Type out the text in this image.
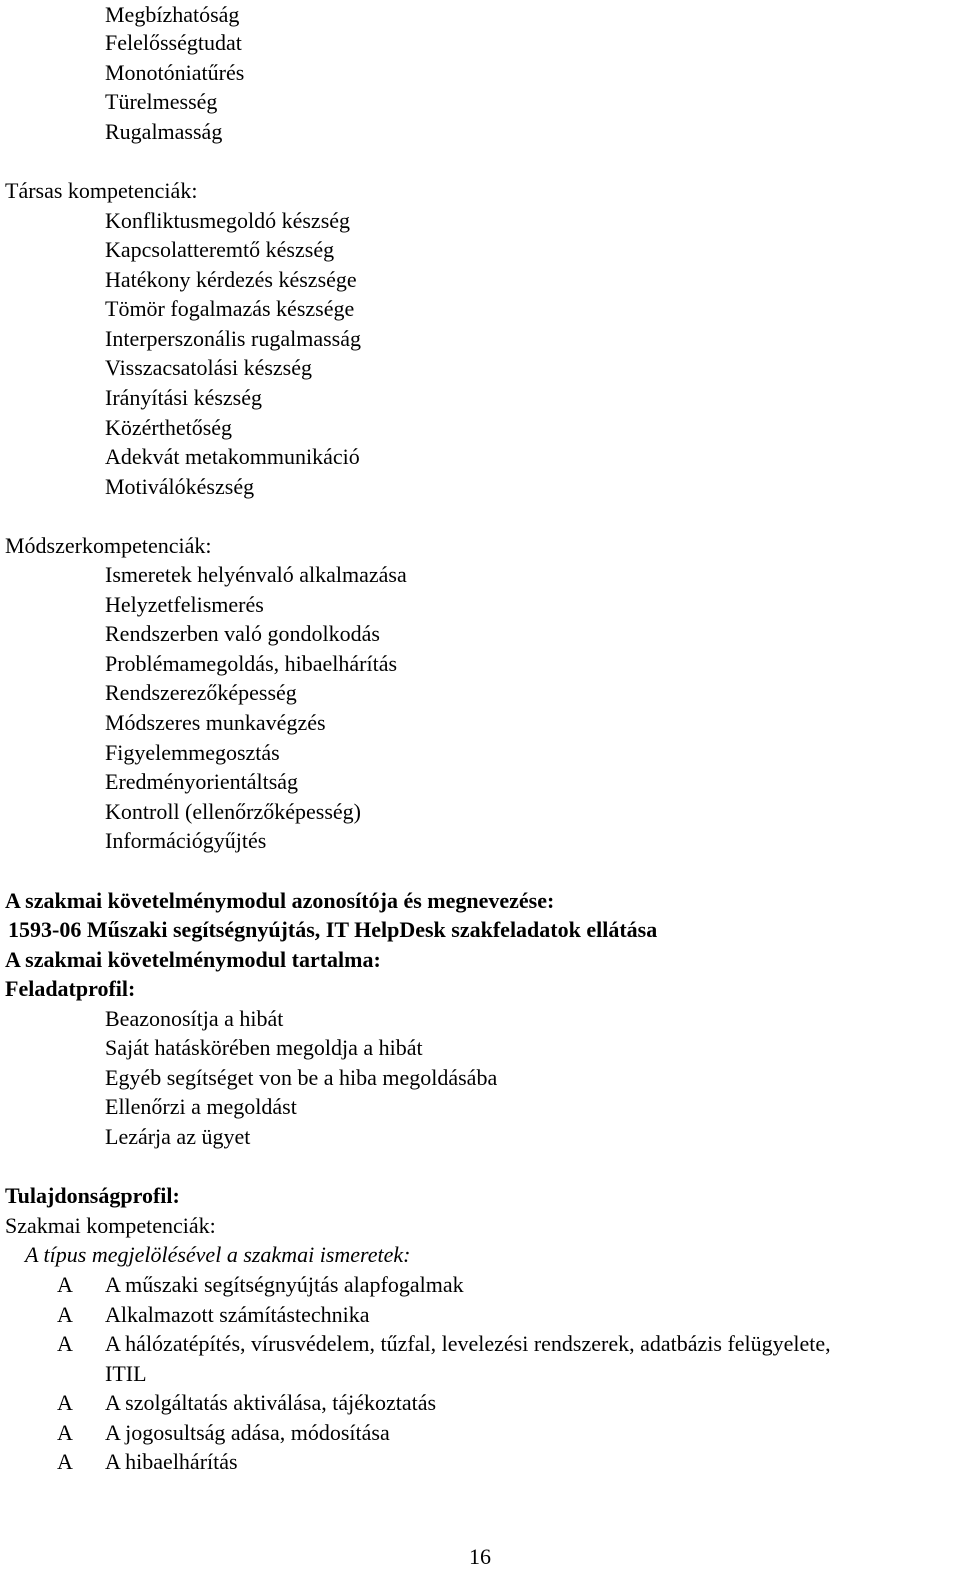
Megbízhatóság
Felelősségtudat
Monotóniatűrés
Türelmesség
Rugalmasság
Társas kompetenciák:
Konfliktusmegoldó készség
Kapcsolatteremtő készség
Hatékony kérdezés készsége
Tömör fogalmazás készsége
Interperszonális rugalmasság
Visszacsatolási készség
Irányítási készség
Közérthetőség
Adekvát metakommunikáció
Motiválókészség
Módszerkompetenciák:
Ismeretek helyénvaló alkalmazása
Helyzetfelismerés
Rendszerben való gondolkodás
Problémamegoldás, hibaelhárítás
Rendszerezőképesség
Módszeres munkavégzés
Figyelemmegosztás
Eredményorientáltság
Kontroll (ellenőrzőképesség)
Információgyűjtés
A szakmai követelménymodul azonosítója és megnevezése:
1593-06 Műszaki segítségnyújtás, IT HelpDesk szakfeladatok ellátása
A szakmai követelménymodul tartalma:
Feladatprofil:
Beazonosítja a hibát
Saját hatáskörében megoldja a hibát
Egyéb segítséget von be a hiba megoldásába
Ellenőrzi a megoldást
Lezárja az ügyet
Tulajdonságprofil:
Szakmai kompetenciák:
A típus megjelölésével a szakmai ismeretek:
A A műszaki segítségnyújtás alapfogalmak
A Alkalmazott számítástechnika
A A hálózatépítés, vírusvédelem, tűzfal, levelezési rendszerek, adatbázis felügyelete,
ITIL
A A szolgáltatás aktiválása, tájékoztatás
A A jogosultság adása, módosítása
A A hibaelhárítás
16
